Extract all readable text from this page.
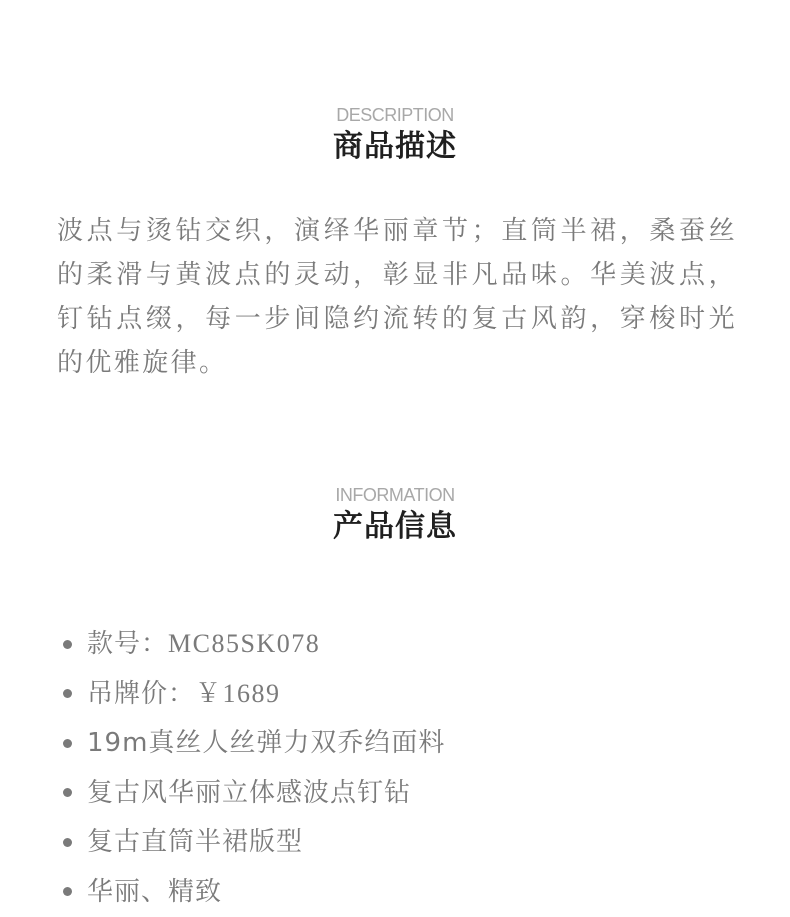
DESCRIPTION

商品描述

波点与烫钻交织，演绎华丽章节；直筒半裙，桑蚕丝的柔滑与黄波点的灵动，彰显非凡品味。华美波点，钉钻点缀，每一步间隐约流转的复古风韵，穿梭时光的优雅旋律。

INFORMATION

产品信息
款号：MC85SK078
吊牌价：￥1689
19m真丝人丝弹力双乔绉面料
复古风华丽立体感波点钉钻
复古直筒半裙版型
华丽、精致
